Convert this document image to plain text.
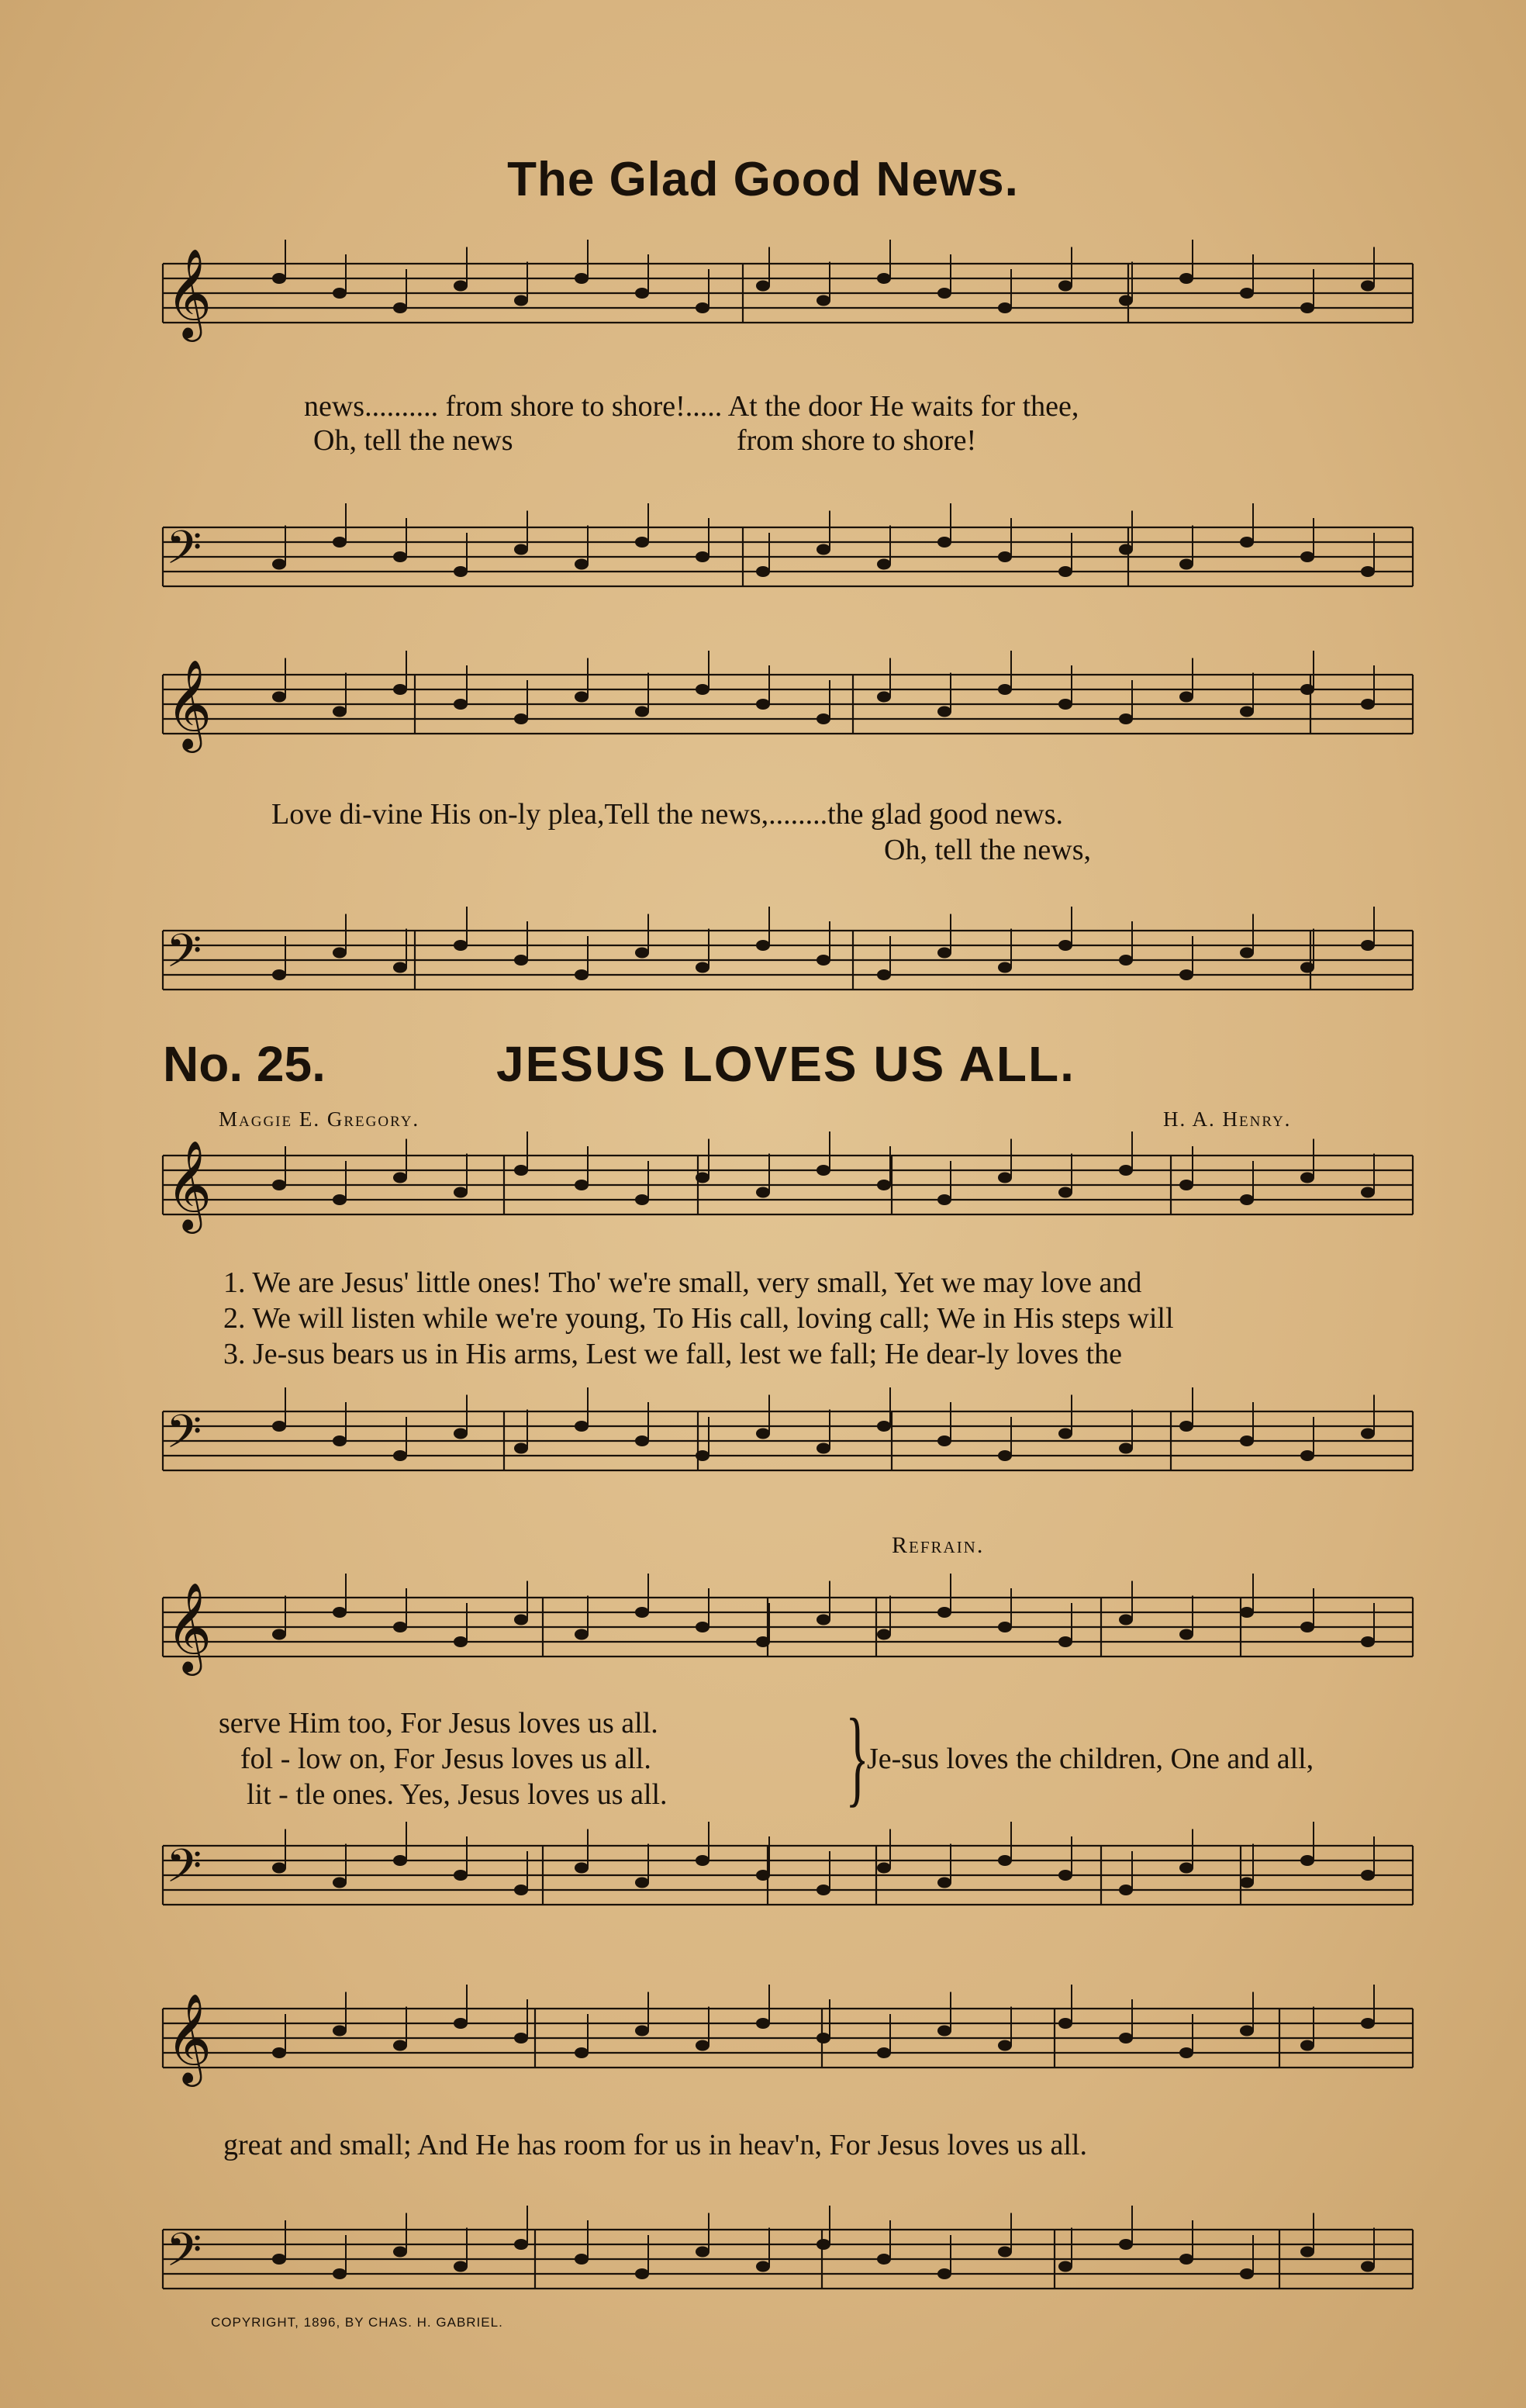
𝄞
𝄢
𝄞
𝄢
𝄞
𝄢
𝄞
𝄢
𝄞
𝄢
The Glad Good News.
news.......... from shore to shore!..... At the door He waits for thee,
Oh, tell the news	from shore to shore!
Love di-vine His on-ly plea,Tell the news,........the glad good news.
Oh, tell the news,
No. 25.	JESUS LOVES US ALL.
Maggie E. Gregory.	H. A. Henry.
1. We are Jesus' little ones! Tho' we're small, very small, Yet we may love and
2. We will listen while we're young, To His call, loving call; We in His steps will
3. Je-sus bears us in His arms, Lest we fall, lest we fall; He dear-ly loves the
Refrain.
serve Him too, For Jesus loves us all.
fol - low on, For Jesus loves us all.
lit - tle ones. Yes, Jesus loves us all. }
Je-sus loves the children, One and all,
great and small; And He has room for us in heav'n, For Jesus loves us all.
COPYRIGHT, 1896, BY CHAS. H. GABRIEL.
